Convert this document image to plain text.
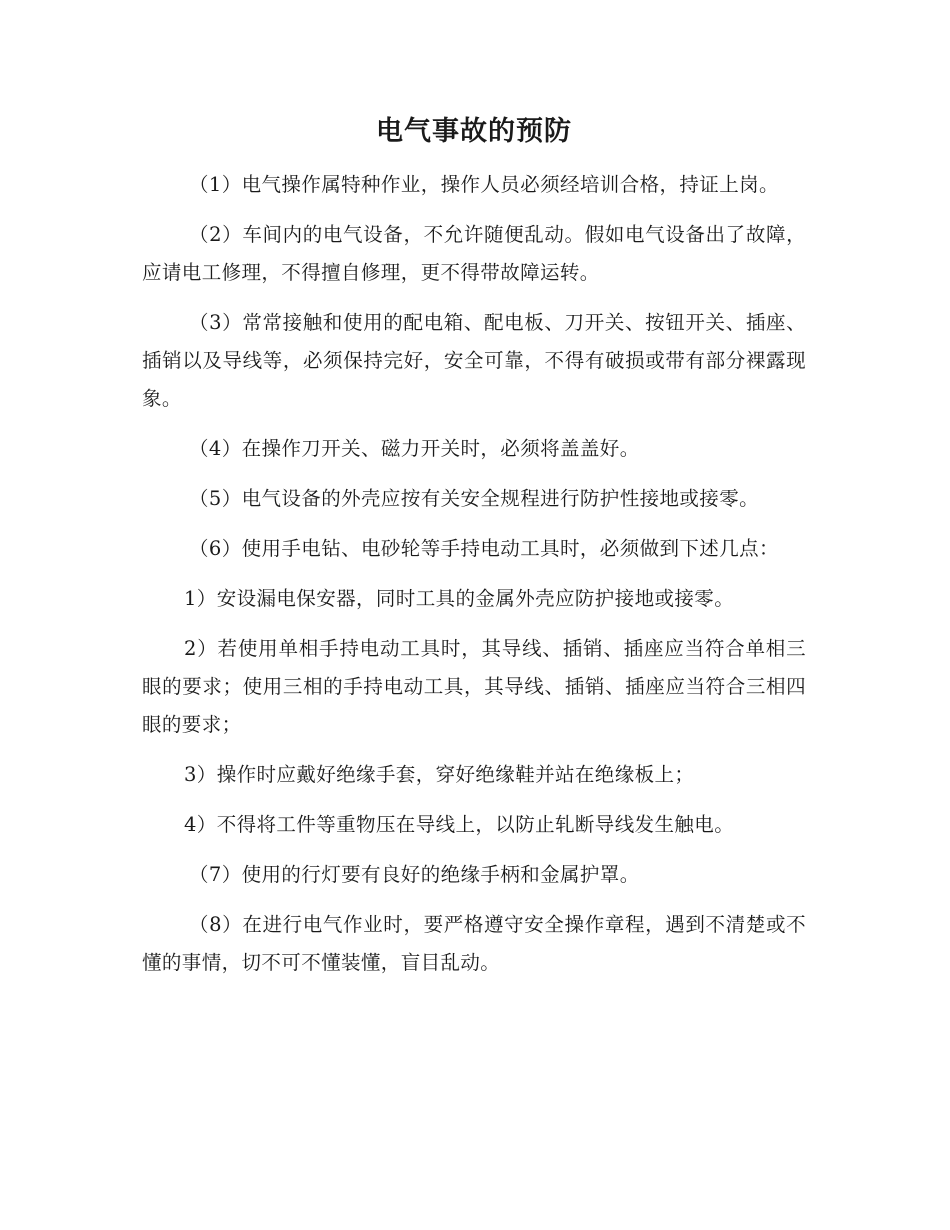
电气事故的预防

（1）电气操作属特种作业，操作人员必须经培训合格，持证上岗。

（2）车间内的电气设备，不允许随便乱动。假如电气设备出了故障，应请电工修理，不得擅自修理，更不得带故障运转。

（3）常常接触和使用的配电箱、配电板、刀开关、按钮开关、插座、插销以及导线等，必须保持完好，安全可靠，不得有破损或带有部分裸露现象。

（4）在操作刀开关、磁力开关时，必须将盖盖好。

（5）电气设备的外壳应按有关安全规程进行防护性接地或接零。

（6）使用手电钻、电砂轮等手持电动工具时，必须做到下述几点：

1）安设漏电保安器，同时工具的金属外壳应防护接地或接零。

2）若使用单相手持电动工具时，其导线、插销、插座应当符合单相三眼的要求；使用三相的手持电动工具，其导线、插销、插座应当符合三相四眼的要求；

3）操作时应戴好绝缘手套，穿好绝缘鞋并站在绝缘板上；

4）不得将工件等重物压在导线上，以防止轧断导线发生触电。

（7）使用的行灯要有良好的绝缘手柄和金属护罩。

（8）在进行电气作业时，要严格遵守安全操作章程，遇到不清楚或不懂的事情，切不可不懂装懂，盲目乱动。
